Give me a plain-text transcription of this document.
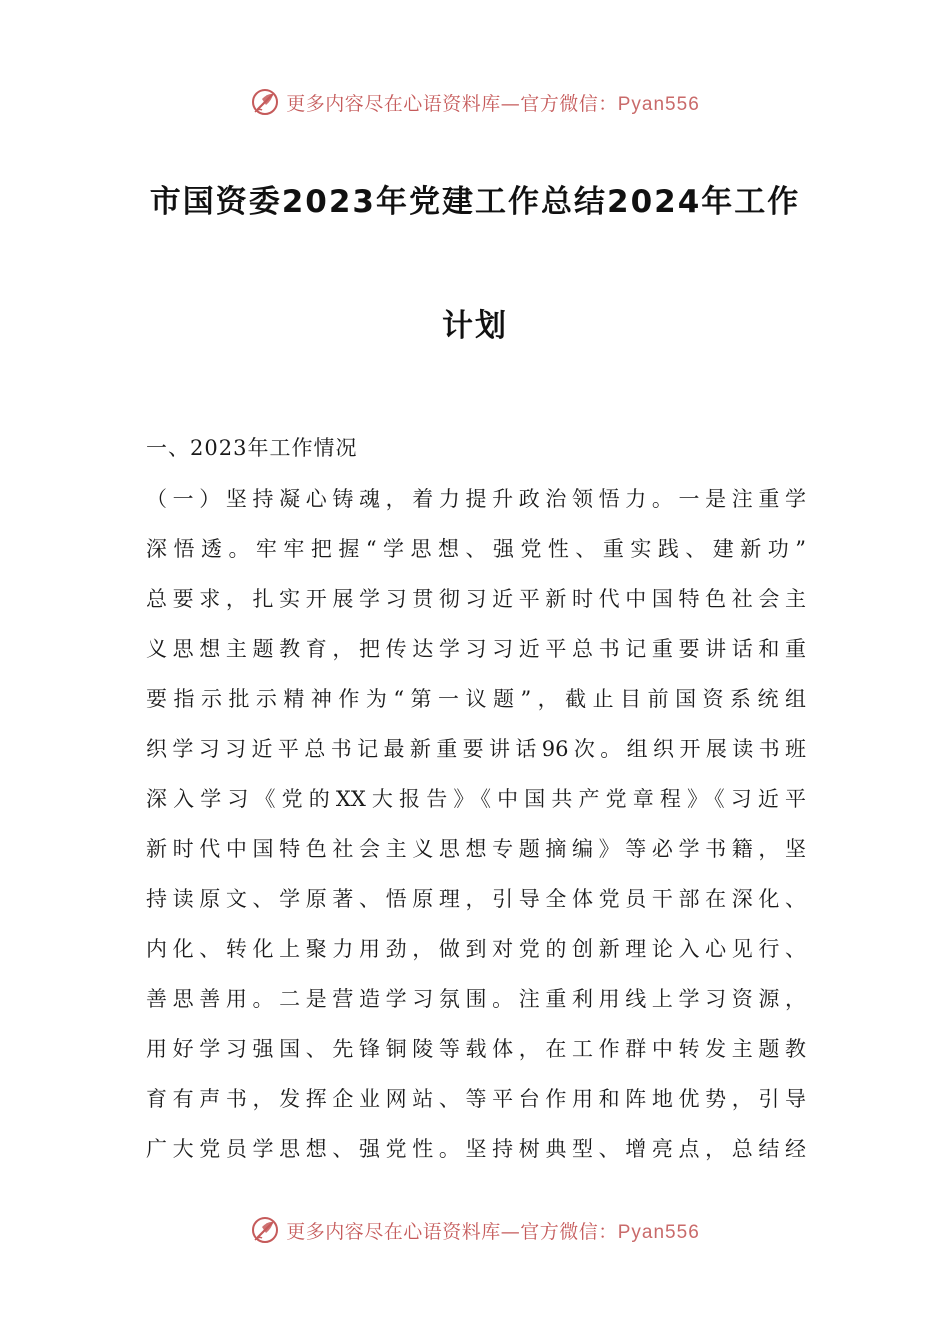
更多内容尽在心语资料库—官方微信：Pyan556
市国资委2023年党建工作总结2024年工作
计划
一、2023年工作情况
（一）坚持凝心铸魂，着力提升政治领悟力。一是注重学
深悟透。牢牢把握“学思想、强党性、重实践、建新功”
总要求，扎实开展学习贯彻习近平新时代中国特色社会主
义思想主题教育，把传达学习习近平总书记重要讲话和重
要指示批示精神作为“第一议题”，截止目前国资系统组
织学习习近平总书记最新重要讲话96次。组织开展读书班
深入学习《党的XX大报告》《中国共产党章程》《习近平
新时代中国特色社会主义思想专题摘编》等必学书籍，坚
持读原文、学原著、悟原理，引导全体党员干部在深化、
内化、转化上聚力用劲，做到对党的创新理论入心见行、
善思善用。二是营造学习氛围。注重利用线上学习资源，
用好学习强国、先锋铜陵等载体，在工作群中转发主题教
育有声书，发挥企业网站、等平台作用和阵地优势，引导
广大党员学思想、强党性。坚持树典型、增亮点，总结经
更多内容尽在心语资料库—官方微信：Pyan556
